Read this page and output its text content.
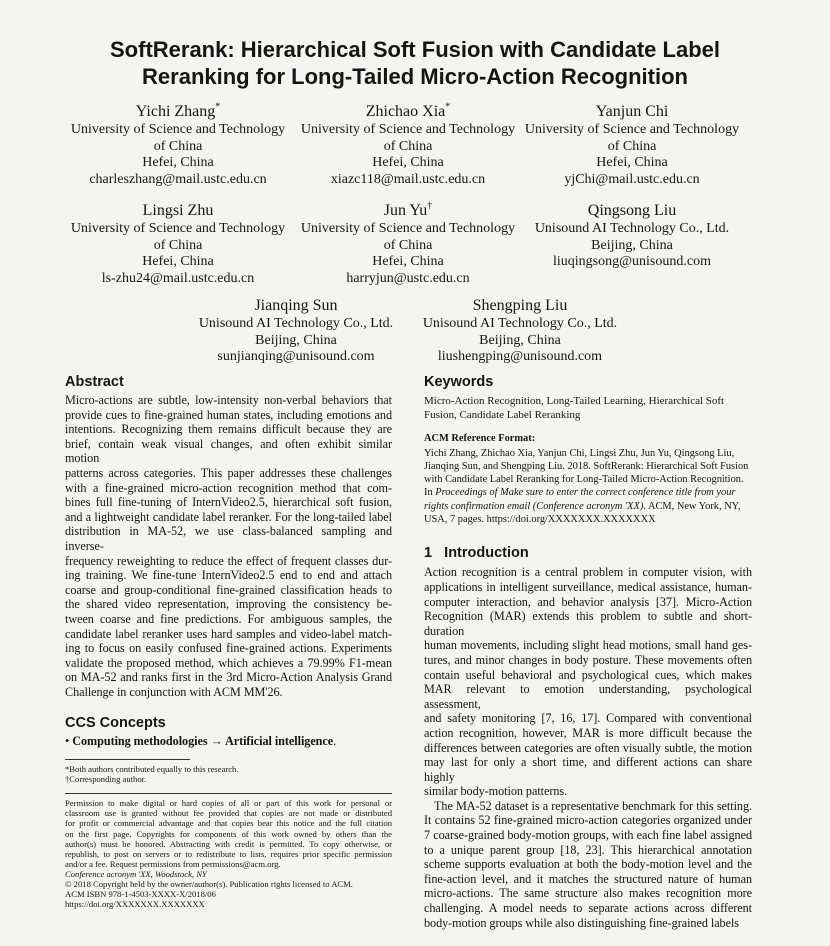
SoftRerank: Hierarchical Soft Fusion with Candidate Label
Reranking for Long-Tailed Micro-Action Recognition
Yichi Zhang*
University of Science and Technology
of China
Hefei, China
charleszhang@mail.ustc.edu.cn
Zhichao Xia*
University of Science and Technology
of China
Hefei, China
xiazc118@mail.ustc.edu.cn
Yanjun Chi
University of Science and Technology
of China
Hefei, China
yjChi@mail.ustc.edu.cn
Lingsi Zhu
University of Science and Technology
of China
Hefei, China
ls-zhu24@mail.ustc.edu.cn
Jun Yu†
University of Science and Technology
of China
Hefei, China
harryjun@ustc.edu.cn
Qingsong Liu
Unisound AI Technology Co., Ltd.
Beijing, China
liuqingsong@unisound.com
Jianqing Sun
Unisound AI Technology Co., Ltd.
Beijing, China
sunjianqing@unisound.com
Shengping Liu
Unisound AI Technology Co., Ltd.
Beijing, China
liushengping@unisound.com
Abstract
Micro-actions are subtle, low-intensity non-verbal behaviors that
provide cues to fine-grained human states, including emotions and
intentions. Recognizing them remains difficult because they are
brief, contain weak visual changes, and often exhibit similar motion
patterns across categories. This paper addresses these challenges
with a fine-grained micro-action recognition method that com-
bines full fine-tuning of InternVideo2.5, hierarchical soft fusion,
and a lightweight candidate label reranker. For the long-tailed label
distribution in MA-52, we use class-balanced sampling and inverse-
frequency reweighting to reduce the effect of frequent classes dur-
ing training. We fine-tune InternVideo2.5 end to end and attach
coarse and group-conditional fine-grained classification heads to
the shared video representation, improving the consistency be-
tween coarse and fine predictions. For ambiguous samples, the
candidate label reranker uses hard samples and video-label match-
ing to focus on easily confused fine-grained actions. Experiments
validate the proposed method, which achieves a 79.99% F1-mean
on MA-52 and ranks first in the 3rd Micro-Action Analysis Grand
Challenge in conjunction with ACM MM'26.
CCS Concepts
• Computing methodologies → Artificial intelligence.
*Both authors contributed equally to this research.
†Corresponding author.
Permission to make digital or hard copies of all or part of this work for personal or
classroom use is granted without fee provided that copies are not made or distributed
for profit or commercial advantage and that copies bear this notice and the full citation
on the first page. Copyrights for components of this work owned by others than the
author(s) must be honored. Abstracting with credit is permitted. To copy otherwise, or
republish, to post on servers or to redistribute to lists, requires prior specific permission
and/or a fee. Request permissions from permissions@acm.org.
Conference acronym 'XX, Woodstock, NY
© 2018 Copyright held by the owner/author(s). Publication rights licensed to ACM.
ACM ISBN 978-1-4503-XXXX-X/2018/06
https://doi.org/XXXXXXX.XXXXXXX
Keywords
Micro-Action Recognition, Long-Tailed Learning, Hierarchical Soft
Fusion, Candidate Label Reranking
ACM Reference Format:
Yichi Zhang, Zhichao Xia, Yanjun Chi, Lingsi Zhu, Jun Yu, Qingsong Liu,
Jianqing Sun, and Shengping Liu. 2018. SoftRerank: Hierarchical Soft Fusion
with Candidate Label Reranking for Long-Tailed Micro-Action Recognition.
In Proceedings of Make sure to enter the correct conference title from your
rights confirmation email (Conference acronym 'XX). ACM, New York, NY,
USA, 7 pages. https://doi.org/XXXXXXX.XXXXXXX
1 Introduction
Action recognition is a central problem in computer vision, with
applications in intelligent surveillance, medical assistance, human-
computer interaction, and behavior analysis [37]. Micro-Action
Recognition (MAR) extends this problem to subtle and short-duration
human movements, including slight head motions, small hand ges-
tures, and minor changes in body posture. These movements often
contain useful behavioral and psychological cues, which makes
MAR relevant to emotion understanding, psychological assessment,
and safety monitoring [7, 16, 17]. Compared with conventional
action recognition, however, MAR is more difficult because the
differences between categories are often visually subtle, the motion
may last for only a short time, and different actions can share highly
similar body-motion patterns.
The MA-52 dataset is a representative benchmark for this setting.
It contains 52 fine-grained micro-action categories organized under
7 coarse-grained body-motion groups, with each fine label assigned
to a unique parent group [18, 23]. This hierarchical annotation
scheme supports evaluation at both the body-motion level and the
fine-action level, and it matches the structured nature of human
micro-actions. The same structure also makes recognition more
challenging. A model needs to separate actions across different
body-motion groups while also distinguishing fine-grained labels
